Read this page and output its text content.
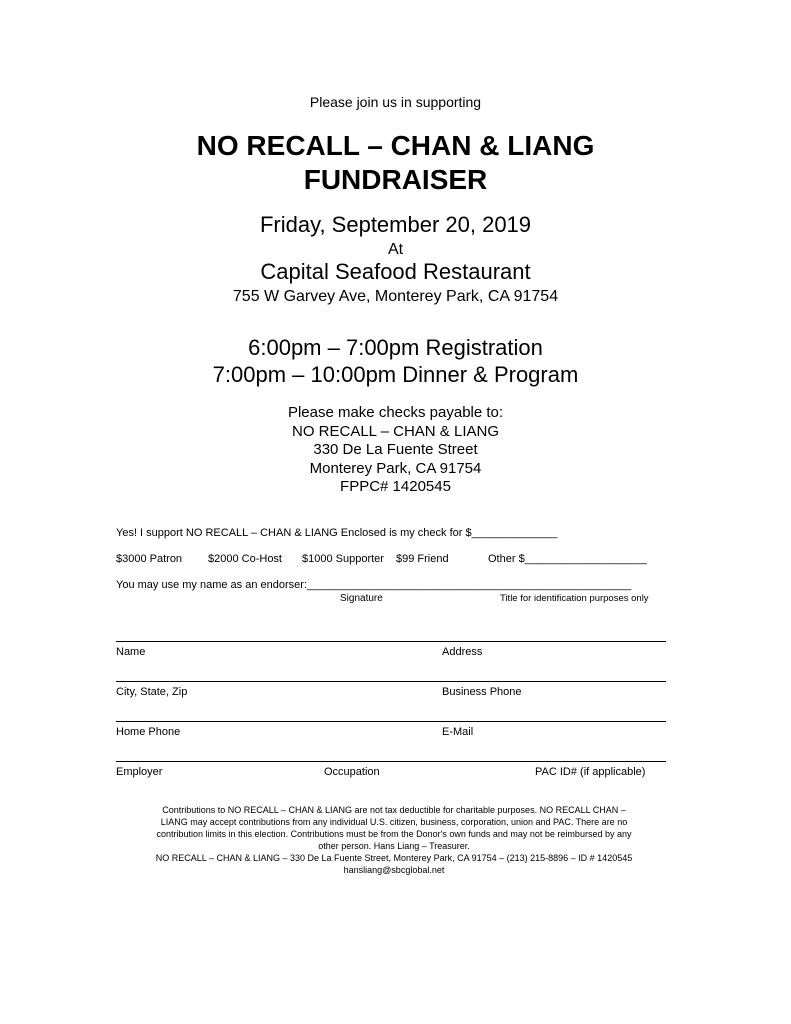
Please join us in supporting
NO RECALL – CHAN & LIANG
FUNDRAISER
Friday, September 20, 2019
At
Capital Seafood Restaurant
755 W Garvey Ave, Monterey Park, CA 91754
6:00pm – 7:00pm Registration
7:00pm – 10:00pm Dinner & Program
Please make checks payable to:
NO RECALL – CHAN & LIANG
330 De La Fuente Street
Monterey Park, CA 91754
FPPC# 1420545
Yes! I support NO RECALL – CHAN & LIANG Enclosed is my check for $______________
$3000 Patron $2000 Co-Host $1000 Supporter $99 Friend	Other $____________________
You may use my name as an endorser:_____________________________________________________
Signature	Title for identification purposes only
Name	Address
City, State, Zip	Business Phone
Home Phone	E-Mail
Employer	Occupation	PAC ID# (if applicable)
Contributions to NO RECALL – CHAN & LIANG are not tax deductible for charitable purposes. NO RECALL CHAN –
LIANG may accept contributions from any individual U.S. citizen, business, corporation, union and PAC. There are no
contribution limits in this election. Contributions must be from the Donor's own funds and may not be reimbursed by any
other person. Hans Liang – Treasurer.
NO RECALL – CHAN & LIANG – 330 De La Fuente Street, Monterey Park, CA 91754 – (213) 215-8896 – ID # 1420545
hansliang@sbcglobal.net
